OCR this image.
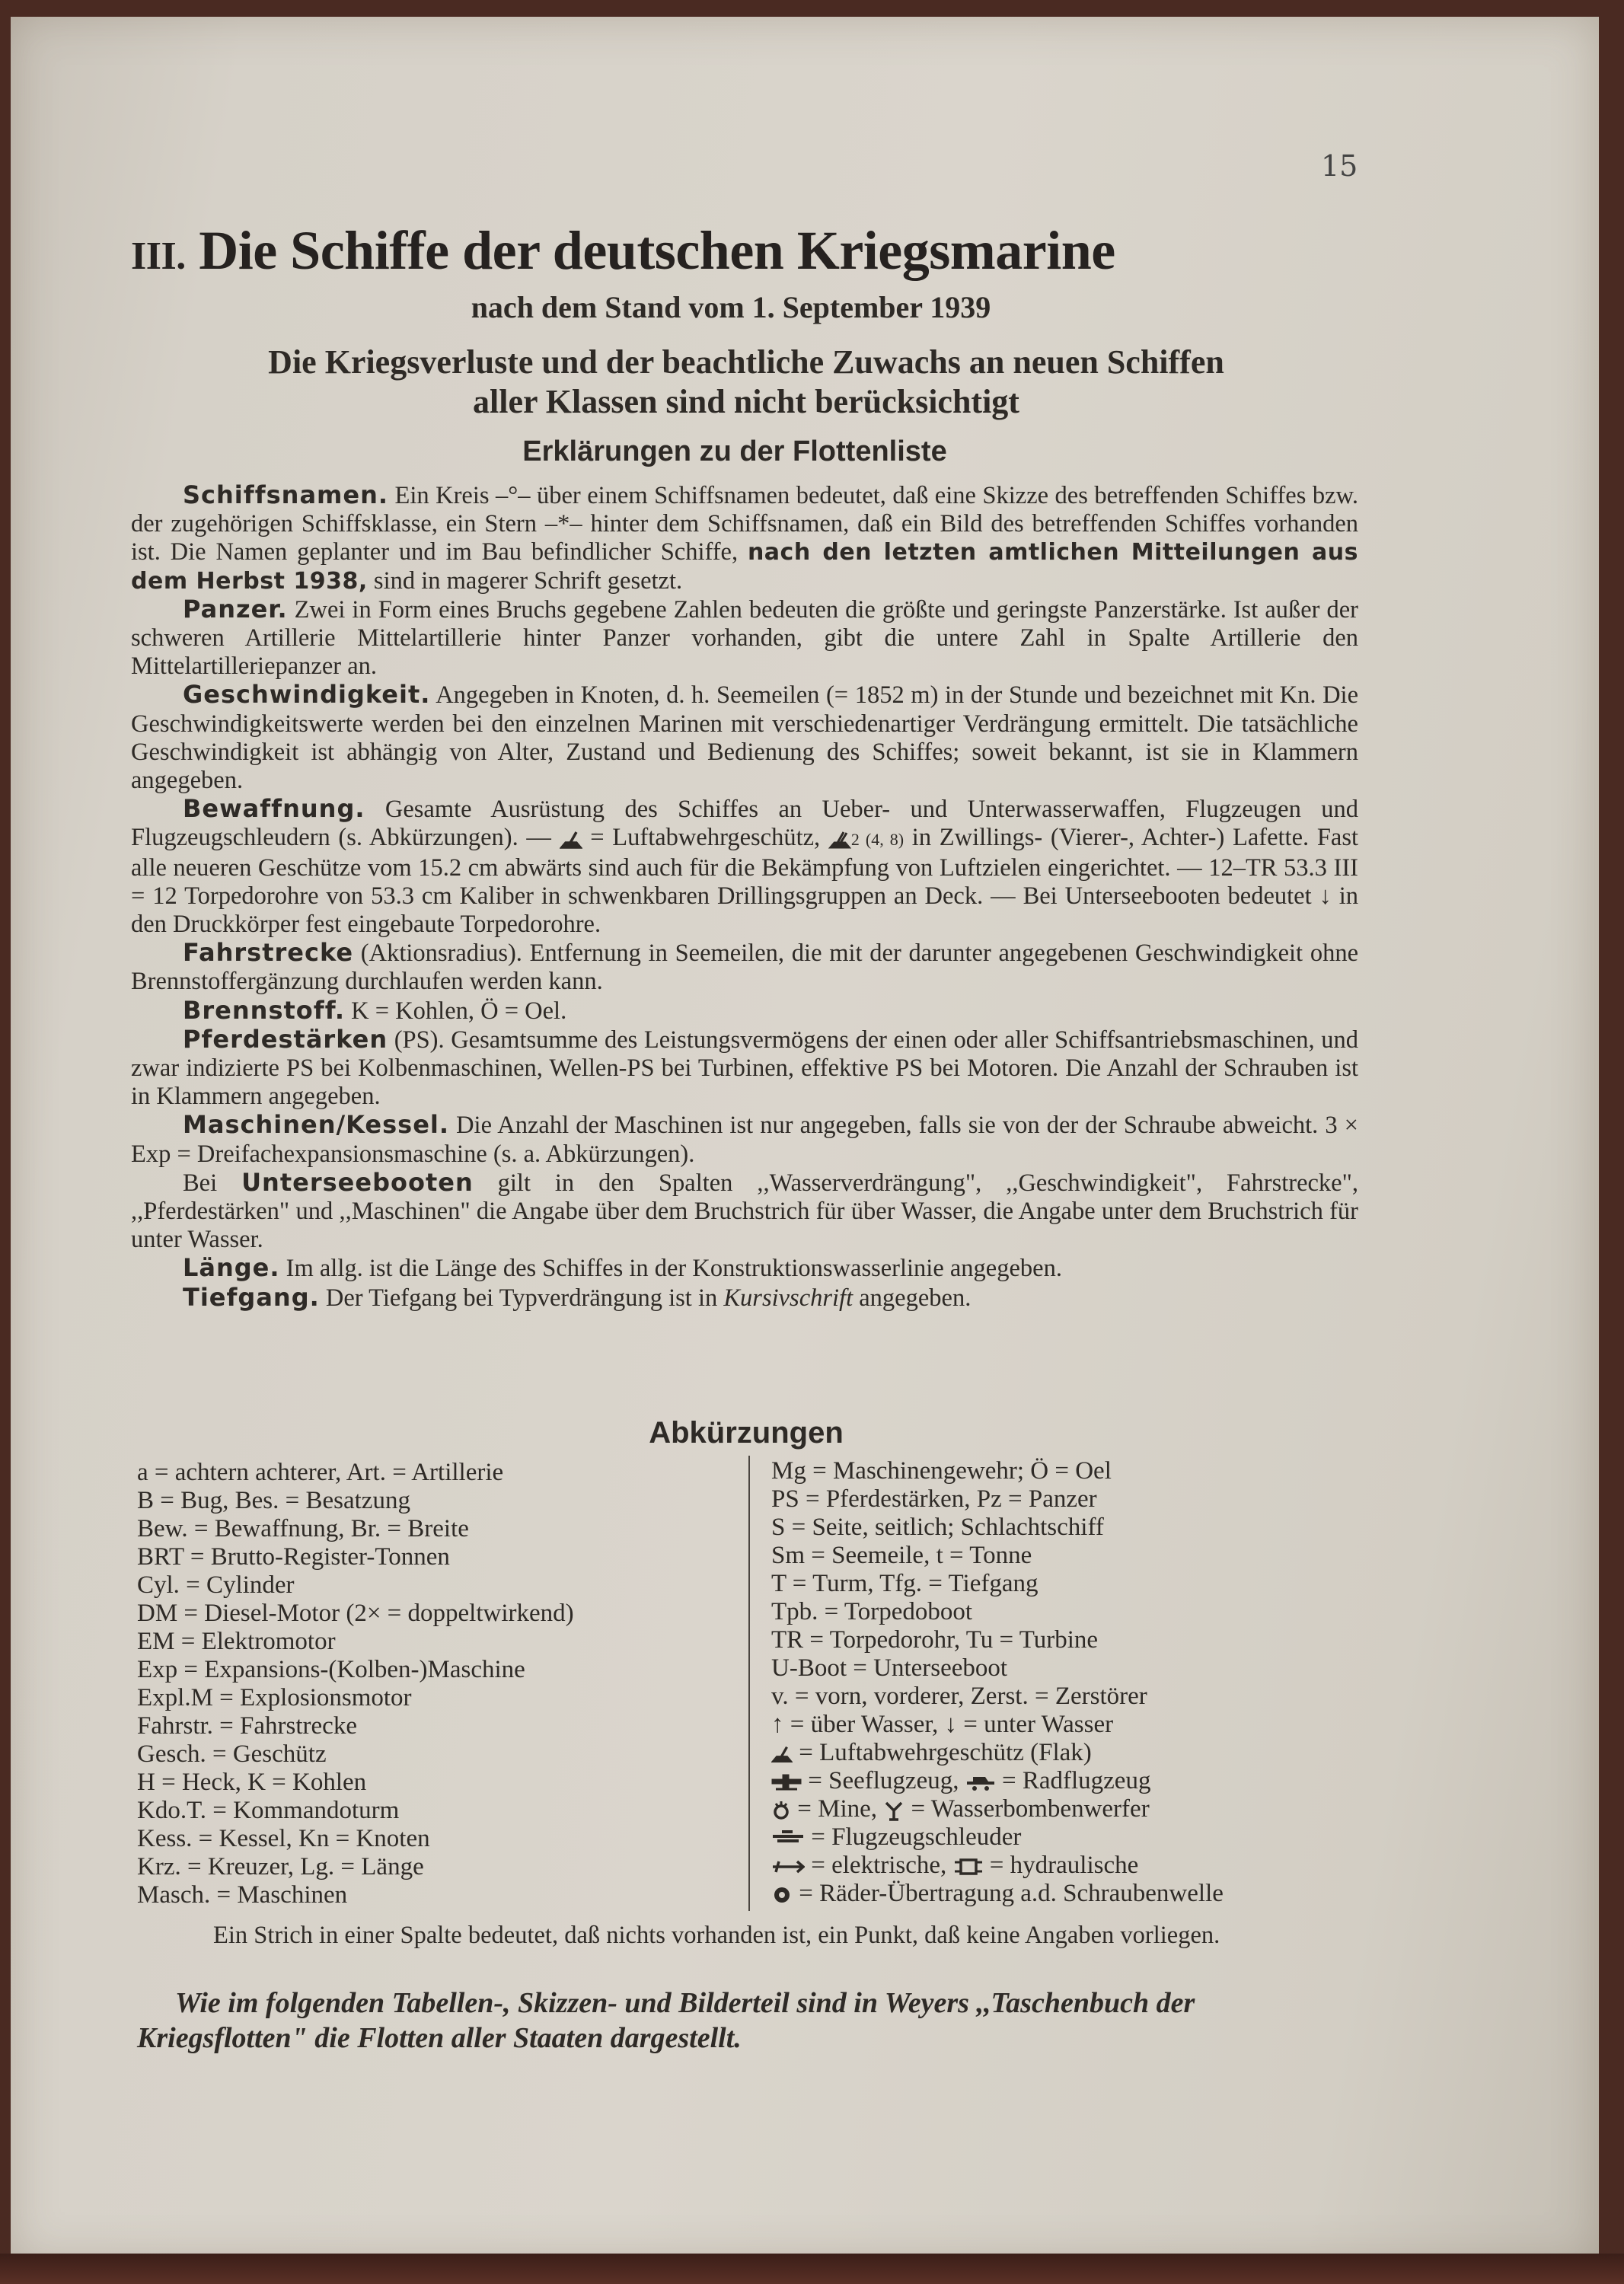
15
III. Die Schiffe der deutschen Kriegsmarine
nach dem Stand vom 1. September 1939
Die Kriegsverluste und der beachtliche Zuwachs an neuen Schiffen
aller Klassen sind nicht berücksichtigt
Erklärungen zu der Flottenliste

Schiffsnamen. Ein Kreis –°– über einem Schiffsnamen bedeutet, daß eine Skizze des betreffenden Schiffes bzw. der zugehörigen Schiffsklasse, ein Stern –*– hinter dem Schiffsnamen, daß ein Bild des betreffenden Schiffes vorhanden ist. Die Namen geplanter und im Bau befindlicher Schiffe, nach den letzten amtlichen Mitteilungen aus dem Herbst 1938, sind in magerer Schrift gesetzt.

Panzer. Zwei in Form eines Bruchs gegebene Zahlen bedeuten die größte und geringste Panzerstärke. Ist außer der schweren Artillerie Mittelartillerie hinter Panzer vorhanden, gibt die untere Zahl in Spalte Artillerie den Mittelartilleriepanzer an.

Geschwindigkeit. Angegeben in Knoten, d. h. Seemeilen (= 1852 m) in der Stunde und bezeichnet mit Kn. Die Geschwindigkeitswerte werden bei den einzelnen Marinen mit verschiedenartiger Verdrängung ermittelt. Die tatsächliche Geschwindigkeit ist abhängig von Alter, Zustand und Bedienung des Schiffes; soweit bekannt, ist sie in Klammern angegeben.

Bewaffnung. Gesamte Ausrüstung des Schiffes an Ueber- und Unterwasserwaffen, Flugzeugen und Flugzeugschleudern (s. Abkürzungen). —  = Luftabwehrgeschütz, 2 (4, 8) in Zwillings- (Vierer-, Achter-) Lafette. Fast alle neueren Geschütze vom 15.2 cm abwärts sind auch für die Bekämpfung von Luftzielen eingerichtet. — 12–TR 53.3 III = 12 Torpedorohre von 53.3 cm Kaliber in schwenkbaren Drillingsgruppen an Deck. — Bei Unterseebooten bedeutet ↓ in den Druckkörper fest eingebaute Torpedorohre.

Fahrstrecke (Aktionsradius). Entfernung in Seemeilen, die mit der darunter angegebenen Geschwindigkeit ohne Brennstoffergänzung durchlaufen werden kann.

Brennstoff. K = Kohlen, Ö = Oel.

Pferdestärken (PS). Gesamtsumme des Leistungsvermögens der einen oder aller Schiffsantriebsmaschinen, und zwar indizierte PS bei Kolbenmaschinen, Wellen-PS bei Turbinen, effektive PS bei Motoren. Die Anzahl der Schrauben ist in Klammern angegeben.

Maschinen/Kessel. Die Anzahl der Maschinen ist nur angegeben, falls sie von der der Schraube abweicht. 3 × Exp = Dreifachexpansionsmaschine (s. a. Abkürzungen).

Bei Unterseebooten gilt in den Spalten ,,Wasserverdrängung", ,,Geschwindigkeit", Fahrstrecke", ,,Pferdestärken" und ,,Maschinen" die Angabe über dem Bruchstrich für über Wasser, die Angabe unter dem Bruchstrich für unter Wasser.

Länge. Im allg. ist die Länge des Schiffes in der Konstruktionswasserlinie angegeben.

Tiefgang. Der Tiefgang bei Typverdrängung ist in Kursivschrift angegeben.

Abkürzungen
a = achtern achterer, Art. = Artillerie
B = Bug, Bes. = Besatzung
Bew. = Bewaffnung, Br. = Breite
BRT = Brutto-Register-Tonnen
Cyl. = Cylinder
DM = Diesel-Motor (2× = doppeltwirkend)
EM = Elektromotor
Exp = Expansions-(Kolben-)Maschine
Expl.M = Explosionsmotor
Fahrstr. = Fahrstrecke
Gesch. = Geschütz
H = Heck, K = Kohlen
Kdo.T. = Kommandoturm
Kess. = Kessel, Kn = Knoten
Krz. = Kreuzer, Lg. = Länge
Masch. = Maschinen
Mg = Maschinengewehr; Ö = Oel
PS = Pferdestärken, Pz = Panzer
S = Seite, seitlich; Schlachtschiff
Sm = Seemeile, t = Tonne
T = Turm, Tfg. = Tiefgang
Tpb. = Torpedoboot
TR = Torpedorohr, Tu = Turbine
U-Boot = Unterseeboot
v. = vorn, vorderer, Zerst. = Zerstörer
↑ = über Wasser, ↓ = unter Wasser
= Luftabwehrgeschütz (Flak)
= Seeflugzeug, = Radflugzeug
= Mine, = Wasserbombenwerfer
= Flugzeugschleuder
= elektrische, = hydraulische
= Räder-Übertragung a.d. Schraubenwelle
Ein Strich in einer Spalte bedeutet, daß nichts vorhanden ist, ein Punkt, daß keine Angaben vorliegen.
Wie im folgenden Tabellen-, Skizzen- und Bilderteil sind in Weyers ,,Taschenbuch der Kriegsflotten" die Flotten aller Staaten dargestellt.
